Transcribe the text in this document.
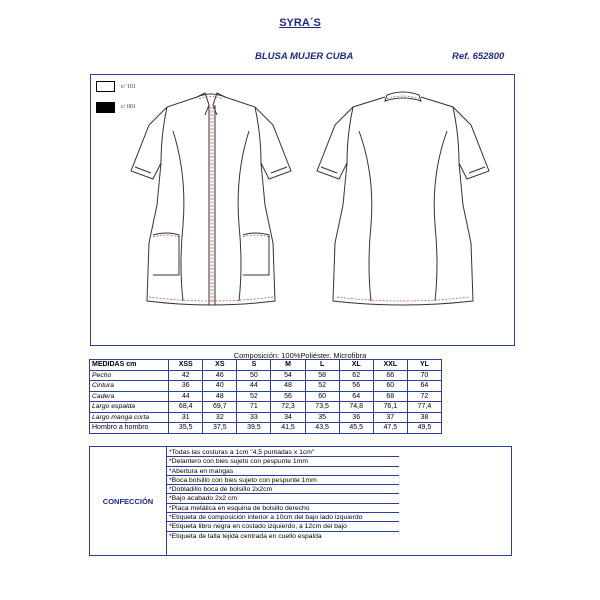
SYRA´S
BLUSA MUJER CUBA	Ref. 652800
c/ 101
c/ 001
Composición: 100%Poliéster. Microfibra
MEDIDAS cm	XSS	XS	S	M	L	XL	XXL	YL
Pecho	42	46	50	54	58	62	66	70
Cintura	36	40	44	48	52	56	60	64
Cadera	44	48	52	56	60	64	68	72
Largo espalda	68,4	69,7	71	72,3	73,5	74,8	76,1	77,4
Largo manga corta	31	32	33	34	35	36	37	38
Hombro a hombro	35,5	37,5	39,5	41,5	43,5	45,5	47,5	49,5
CONFECCIÓN
*Todas las costuras a 1cm "4,5 puntadas x 1cm"
*Delantero con bies sujeto con pespunte 1mm
*Abertura en mangas
*Boca bolsillo con bies sujeto con pespunte 1mm
*Dobladillo boca de bolsillo 2x2cm
*Bajo acabado 2x2 cm
*Placa metálica en esquina de bolsillo derecho
*Etiqueta de composición interior a 10cm del bajo lado izquierdo
*Etiqueta libro negra en costado izquierdo, a 12cm del bajo
*Etiqueta de talla tejida centrada en cuello espalda
